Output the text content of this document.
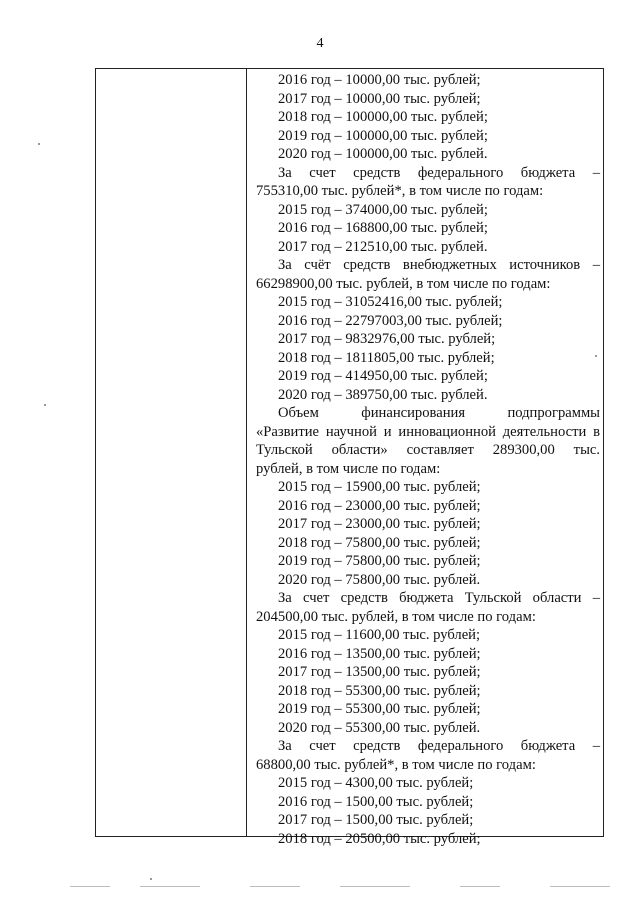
4
2016 год – 10000,00 тыс. рублей;
2017 год – 10000,00 тыс. рублей;
2018 год – 100000,00 тыс. рублей;
2019 год – 100000,00 тыс. рублей;
2020 год – 100000,00 тыс. рублей.
За счет средств федерального бюджета –
755310,00 тыс. рублей*, в том числе по годам:
2015 год – 374000,00 тыс. рублей;
2016 год – 168800,00 тыс. рублей;
2017 год – 212510,00 тыс. рублей.
За счёт средств внебюджетных источников –
66298900,00 тыс. рублей, в том числе по годам:
2015 год – 31052416,00 тыс. рублей;
2016 год – 22797003,00 тыс. рублей;
2017 год – 9832976,00 тыс. рублей;
2018 год – 1811805,00 тыс. рублей;
2019 год – 414950,00 тыс. рублей;
2020 год – 389750,00 тыс. рублей.
Объем финансирования подпрограммы
«Развитие научной и инновационной деятельности в
Тульской области» составляет 289300,00 тыс.
рублей, в том числе по годам:
2015 год – 15900,00 тыс. рублей;
2016 год – 23000,00 тыс. рублей;
2017 год – 23000,00 тыс. рублей;
2018 год – 75800,00 тыс. рублей;
2019 год – 75800,00 тыс. рублей;
2020 год – 75800,00 тыс. рублей.
За счет средств бюджета Тульской области –
204500,00 тыс. рублей, в том числе по годам:
2015 год – 11600,00 тыс. рублей;
2016 год – 13500,00 тыс. рублей;
2017 год – 13500,00 тыс. рублей;
2018 год – 55300,00 тыс. рублей;
2019 год – 55300,00 тыс. рублей;
2020 год – 55300,00 тыс. рублей.
За счет средств федерального бюджета –
68800,00 тыс. рублей*, в том числе по годам:
2015 год – 4300,00 тыс. рублей;
2016 год – 1500,00 тыс. рублей;
2017 год – 1500,00 тыс. рублей;
2018 год – 20500,00 тыс. рублей;
